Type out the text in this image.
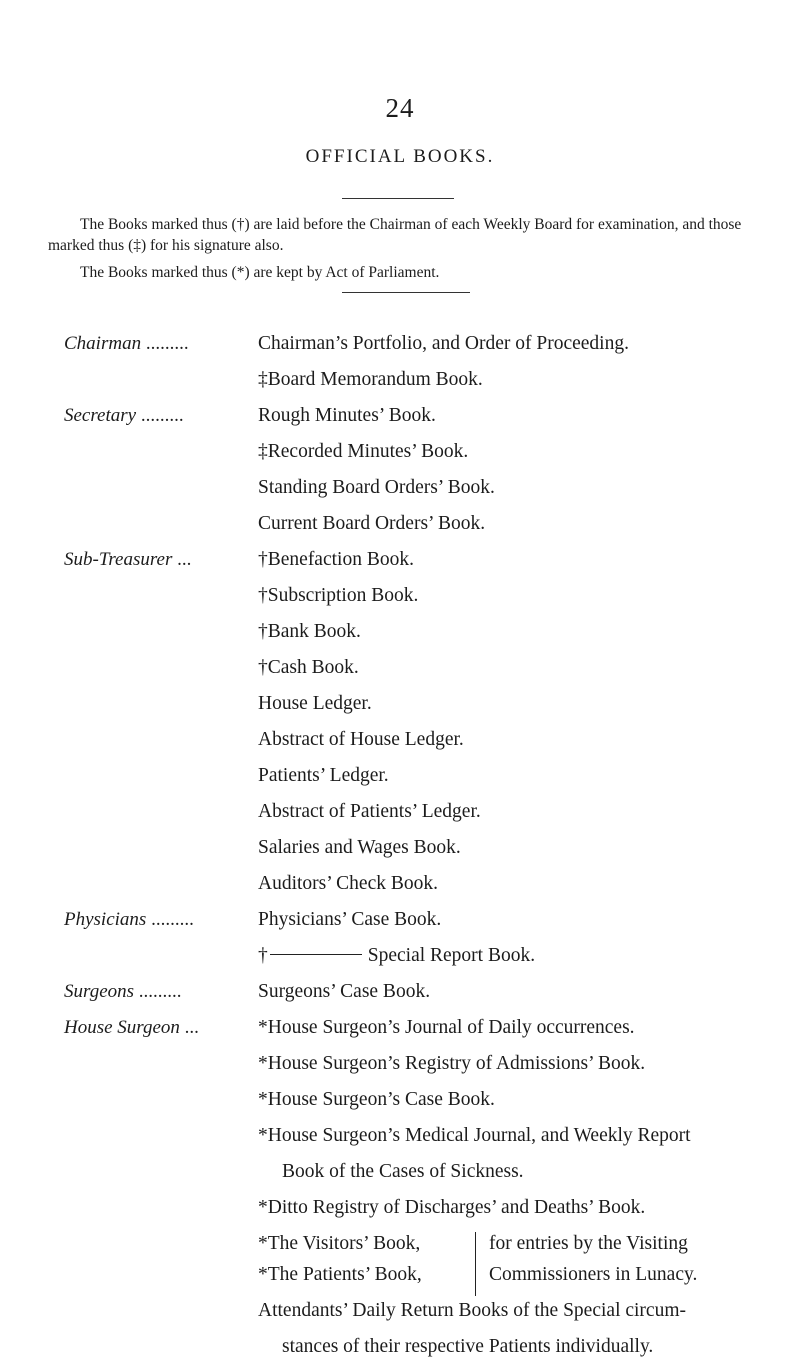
24
OFFICIAL BOOKS.
The Books marked thus (†) are laid before the Chairman of each Weekly Board for examination, and those marked thus (‡) for his signature also.
The Books marked thus (*) are kept by Act of Parliament.
Chairman .........	Chairman’s Portfolio, and Order of Proceeding.
‡Board Memorandum Book.
Secretary .........	Rough Minutes’ Book.
‡Recorded Minutes’ Book.
Standing Board Orders’ Book.
Current Board Orders’ Book.
Sub-Treasurer ...	†Benefaction Book.
†Subscription Book.
†Bank Book.
†Cash Book.
House Ledger.
Abstract of House Ledger.
Patients’ Ledger.
Abstract of Patients’ Ledger.
Salaries and Wages Book.
Auditors’ Check Book.
Physicians .........	Physicians’ Case Book.
†	Special Report Book.
Surgeons .........	Surgeons’ Case Book.
House Surgeon ...	*House Surgeon’s Journal of Daily occurrences.
*House Surgeon’s Registry of Admissions’ Book.
*House Surgeon’s Case Book.
*House Surgeon’s Medical Journal, and Weekly Report
Book of the Cases of Sickness.
*Ditto Registry of Discharges’ and Deaths’ Book.
*The Visitors’ Book,	for entries by the Visiting
*The Patients’ Book,	Commissioners in Lunacy.
Attendants’ Daily Return Books of the Special circum-
stances of their respective Patients individually.
